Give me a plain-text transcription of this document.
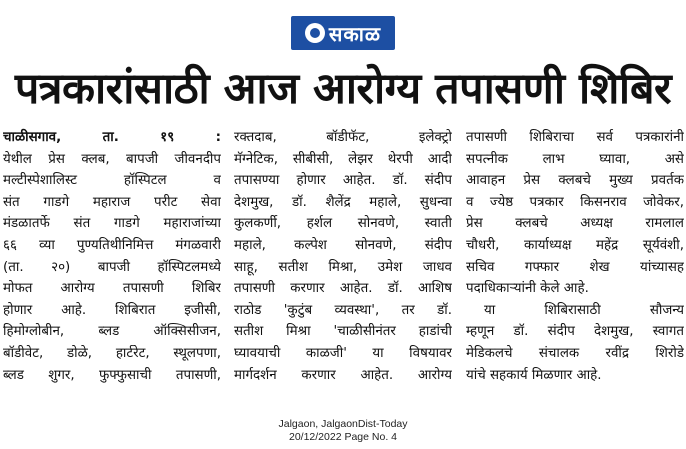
सकाळ
पत्रकारांसाठी आज आरोग्य तपासणी शिबिर
चाळीसगाव, ता. १९ :
येथील प्रेस क्लब, बापजी जीवनदीप
मल्टीस्पेशालिस्ट हॉस्पिटल व
संत गाडगे महाराज परीट सेवा
मंडळातर्फे संत गाडगे महाराजांच्या
६६ व्या पुण्यतिथीनिमित्त मंगळवारी
(ता. २०) बापजी हॉस्पिटलमध्ये
मोफत आरोग्य तपासणी शिबिर
होणार आहे. शिबिरात इजीसी,
हिमोग्लोबीन, ब्लड ऑक्सिसीजन,
बॉडीवेट, डोळे, हार्टरेट, स्थूलपणा,
ब्लड शुगर, फुफ्फुसाची तपासणी,
रक्तदाब, बॉडीफॅट, इलेक्ट्रो
मॅग्नेटिक, सीबीसी, लेझर थेरपी आदी
तपासण्या होणार आहेत. डॉ. संदीप
देशमुख, डॉ. शैलेंद्र महाले, सुधन्वा
कुलकर्णी, हर्शल सोनवणे, स्वाती
महाले, कल्पेश सोनवणे, संदीप
साहू, सतीश मिश्रा, उमेश जाधव
तपासणी करणार आहेत. डॉ. आशिष
राठोड 'कुटुंब व्यवस्था', तर डॉ.
सतीश मिश्रा 'चाळीसीनंतर हाडांची
घ्यावयाची काळजी' या विषयावर
मार्गदर्शन करणार आहेत. आरोग्य
तपासणी शिबिराचा सर्व पत्रकारांनी
सपत्नीक लाभ घ्यावा, असे
आवाहन प्रेस क्लबचे मुख्य प्रवर्तक
व ज्येष्ठ पत्रकार किसनराव जोवेकर,
प्रेस क्लबचे अध्यक्ष रामलाल
चौधरी, कार्याध्यक्ष महेंद्र सूर्यवंशी,
सचिव गफ्फार शेख यांच्यासह
पदाधिकाऱ्यांनी केले आहे.
या शिबिरासाठी सौजन्य
म्हणून डॉ. संदीप देशमुख, स्वागत
मेडिकलचे संचालक रवींद्र शिरोडे
यांचे सहकार्य मिळणार आहे.
Jalgaon, JalgaonDist-Today
20/12/2022 Page No. 4
